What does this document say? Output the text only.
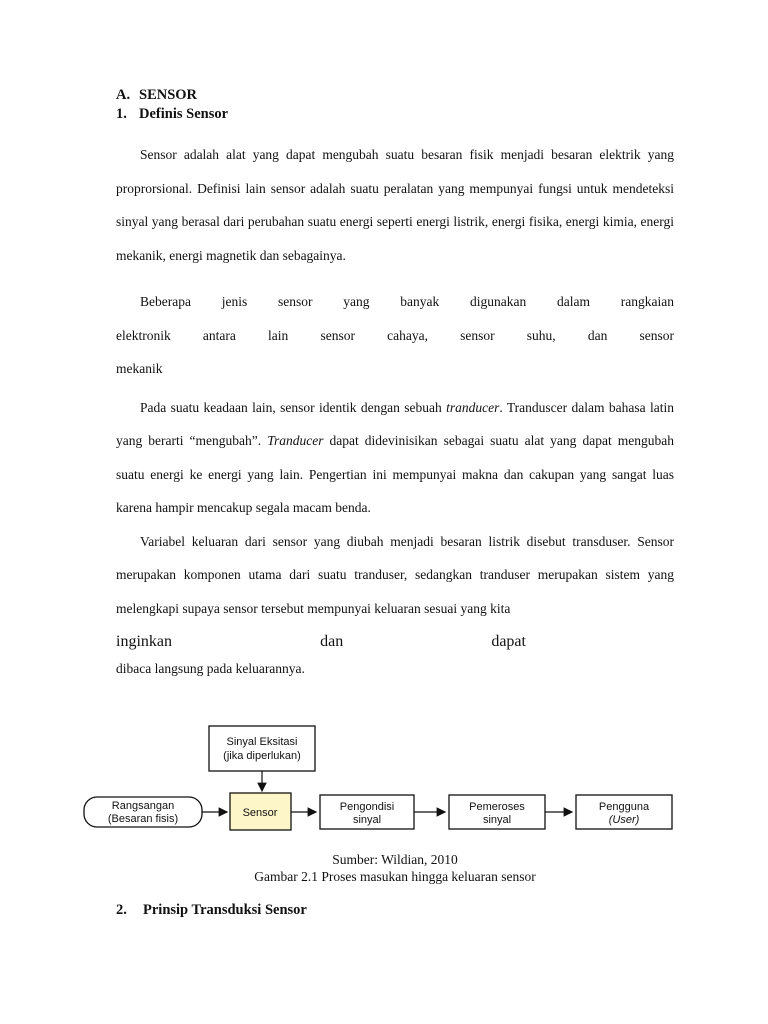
A. SENSOR

1. Definis Sensor

Sensor adalah alat yang dapat mengubah suatu besaran fisik menjadi besaran elektrik yang proprorsional. Definisi lain sensor adalah suatu peralatan yang mempunyai fungsi untuk mendeteksi sinyal yang berasal dari perubahan suatu energi seperti energi listrik, energi fisika, energi kimia, energi mekanik, energi magnetik dan sebagainya.

Beberapa jenis sensor yang banyak digunakan dalam rangkaian

elektronik antara lain sensor cahaya, sensor suhu, dan sensor

mekanik

Pada suatu keadaan lain, sensor identik dengan sebuah tranducer. Tranduscer dalam bahasa latin yang berarti “mengubah”. Tranducer dapat didevinisikan sebagai suatu alat yang dapat mengubah suatu energi ke energi yang lain. Pengertian ini mempunyai makna dan cakupan yang sangat luas karena hampir mencakup segala macam benda.

Variabel keluaran dari sensor yang diubah menjadi besaran listrik disebut transduser. Sensor merupakan komponen utama dari suatu tranduser, sedangkan tranduser merupakan sistem yang melengkapi supaya sensor tersebut mempunyai keluaran sesuai yang kita

inginkan	dan	dapat

dibaca langsung pada keluarannya.

Sinyal Eksitasi
(jika diperlukan)
Rangsangan
(Besaran fisis)	Sensor	Pengondisi
sinyal
Pemeroses
sinyal
Pengguna
(User)
Sumber: Wildian, 2010
Gambar 2.1 Proses masukan hingga keluaran sensor
2. Prinsip Transduksi Sensor
